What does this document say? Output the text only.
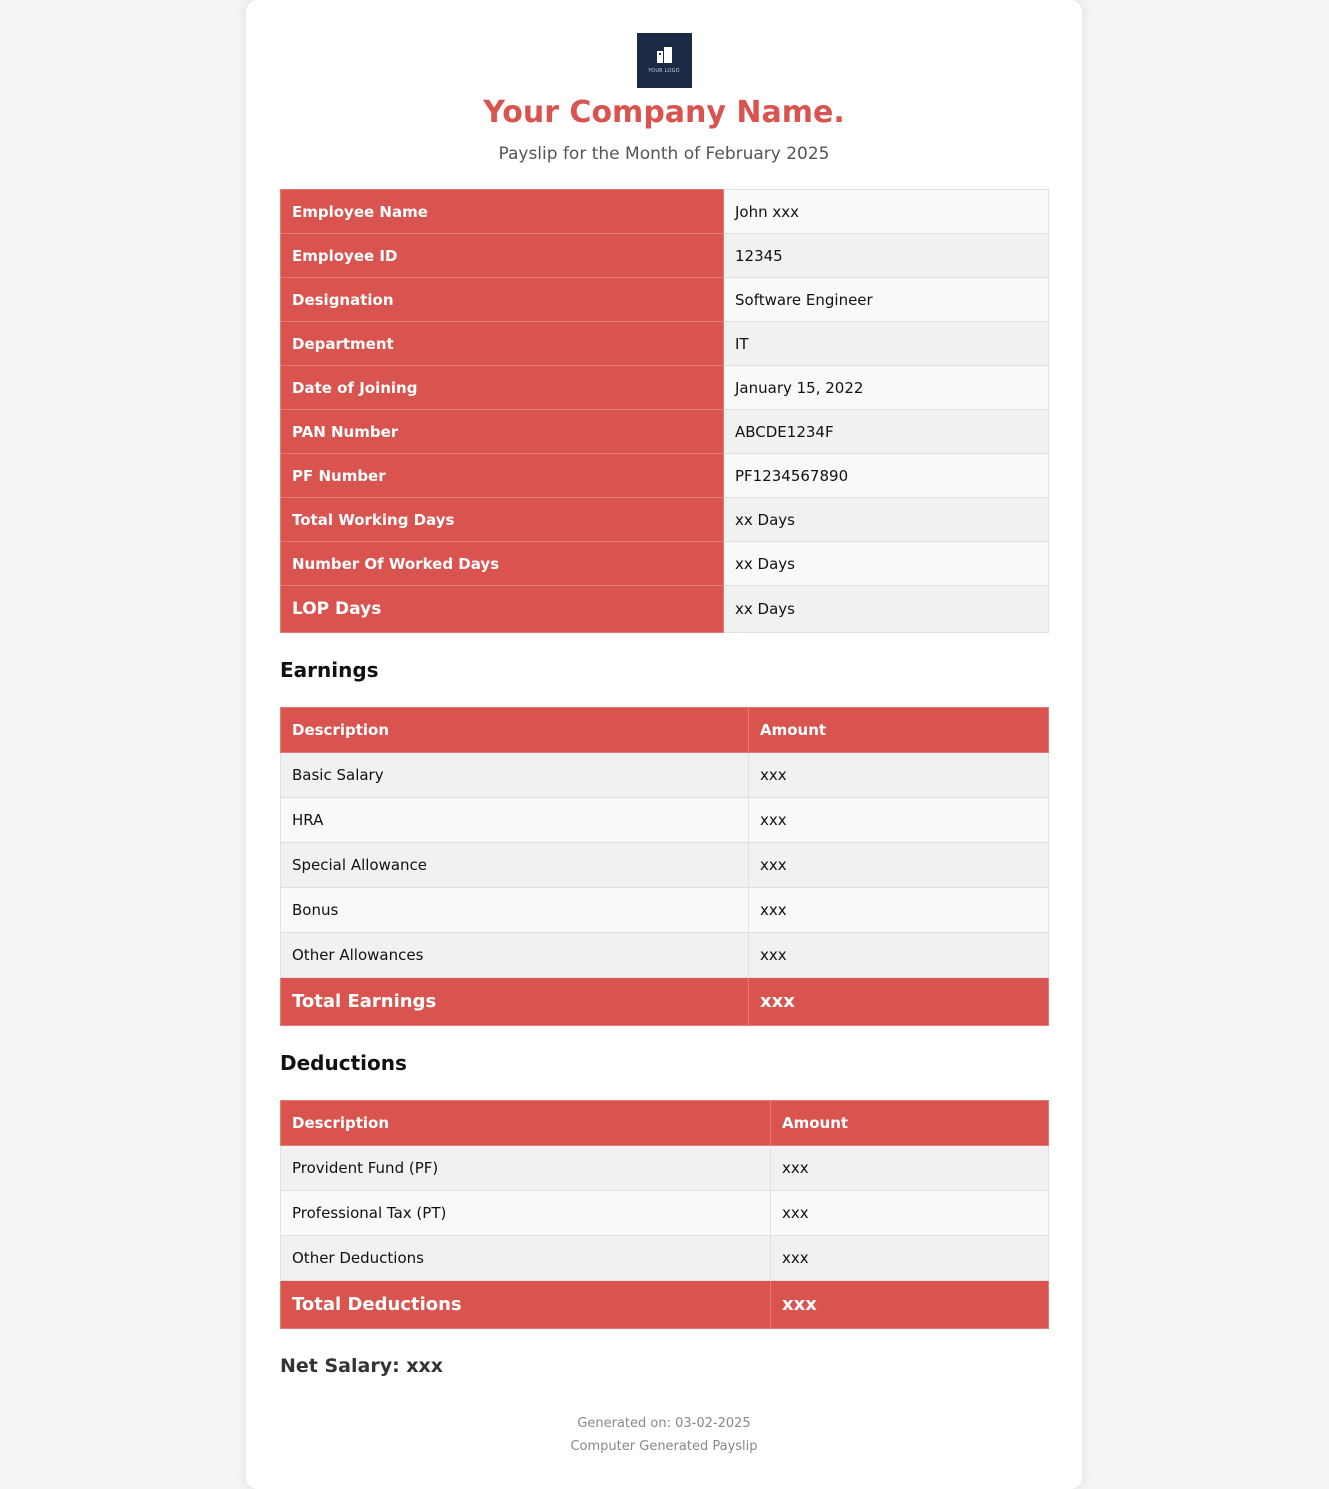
YOUR LOGO
Your Company Name.
Payslip for the Month of February 2025
Employee Name	John xxx
Employee ID	12345
Designation	Software Engineer
Department	IT
Date of Joining	January 15, 2022
PAN Number	ABCDE1234F
PF Number	PF1234567890
Total Working Days	xx Days
Number Of Worked Days	xx Days
LOP Days	xx Days
Earnings
Description	Amount
Basic Salary	xxx
HRA	xxx
Special Allowance	xxx
Bonus	xxx
Other Allowances	xxx
Total Earnings	xxx
Deductions
Description	Amount
Provident Fund (PF)	xxx
Professional Tax (PT)	xxx
Other Deductions	xxx
Total Deductions	xxx
Net Salary: xxx
Generated on: 03-02-2025
Computer Generated Payslip
